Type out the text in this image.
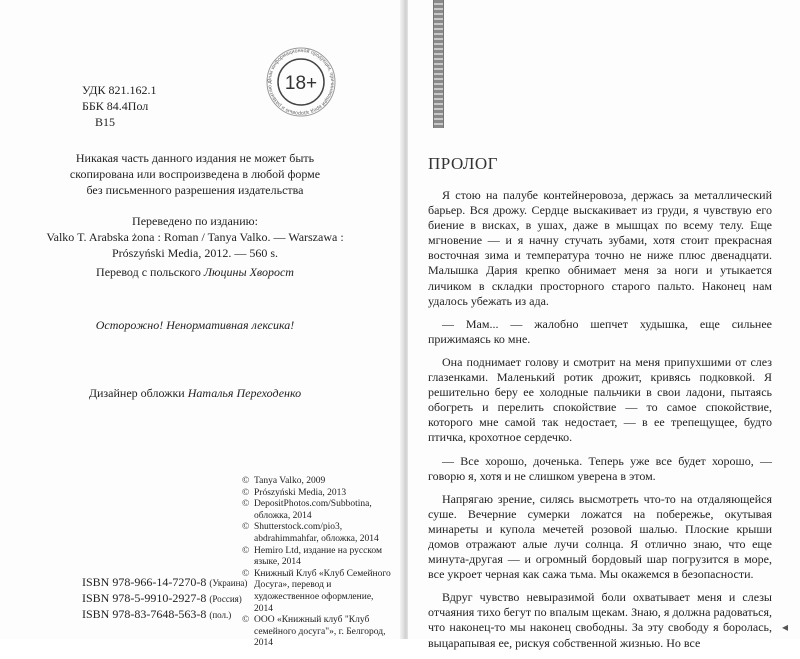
УДК 821.162.1
ББК 84.4Пол
В15
Знак информационной продукции, причиняющей вред здоровью и развитию д 18+
Никакая часть данного издания не может быть
скопирована или воспроизведена в любой форме
без письменного разрешения издательства
Переведено по изданию:
Valko T. Arabska żona : Roman / Tanya Valko. — Warszawa :
Prószyński Media, 2012. — 560 s.
Перевод с польского Люцины Хворост
Осторожно! Ненормативная лексика!
Дизайнер обложки Наталья Переходенко
© Tanya Valko, 2009
© Prószyński Media, 2013
© DepositPhotos.com/Subbotina, обложка, 2014
© Shutterstock.com/pio3, abdrahimmahfar, обложка, 2014
© Hemiro Ltd, издание на русском языке, 2014
© Книжный Клуб «Клуб Семейного Досуга», перевод и художественное оформление, 2014
© ООО «Книжный клуб "Клуб семейного досуга"», г. Белгород, 2014
ISBN 978-966-14-7270-8 (Украина)
ISBN 978-5-9910-2927-8 (Россия)
ISBN 978-83-7648-563-8 (пол.)
ПРОЛОГ

Я стою на палубе контейнеровоза, держась за металлический барьер. Вся дрожу. Сердце выскакивает из груди, я чувствую его биение в висках, в ушах, даже в мышцах по всему телу. Еще мгновение — и я начну стучать зубами, хотя стоит прекрасная восточная зима и температура точно не ниже плюс двенадцати. Малышка Дария крепко обнимает меня за ноги и утыкается личиком в складки просторного старого пальто. Наконец нам удалось убежать из ада.

— Мам... — жалобно шепчет худышка, еще сильнее прижимаясь ко мне.

Она поднимает голову и смотрит на меня припухшими от слез глазенками. Маленький ротик дрожит, кривясь подковкой. Я решительно беру ее холодные пальчики в свои ладони, пытаясь обогреть и перелить спокойствие — то самое спокойствие, которого мне самой так недостает, — в ее трепещущее, будто птичка, крохотное сердечко.

— Все хорошо, доченька. Теперь уже все будет хорошо, — говорю я, хотя и не слишком уверена в этом.

Напрягаю зрение, силясь высмотреть что-то на отдаляющейся суше. Вечерние сумерки ложатся на побережье, окутывая минареты и купола мечетей розовой шалью. Плоские крыши домов отражают алые лучи солнца. Я отлично знаю, что еще минута-другая — и огромный бордовый шар погрузится в море, все укроет черная как сажа тьма. Мы окажемся в безопасности.

Вдруг чувство невыразимой боли охватывает меня и слезы отчаяния тихо бегут по впалым щекам. Знаю, я должна радоваться, что наконец-то мы наконец свободны. За эту свободу я боролась, выцарапывая ее, рискуя собственной жизнью. Но все

◂
